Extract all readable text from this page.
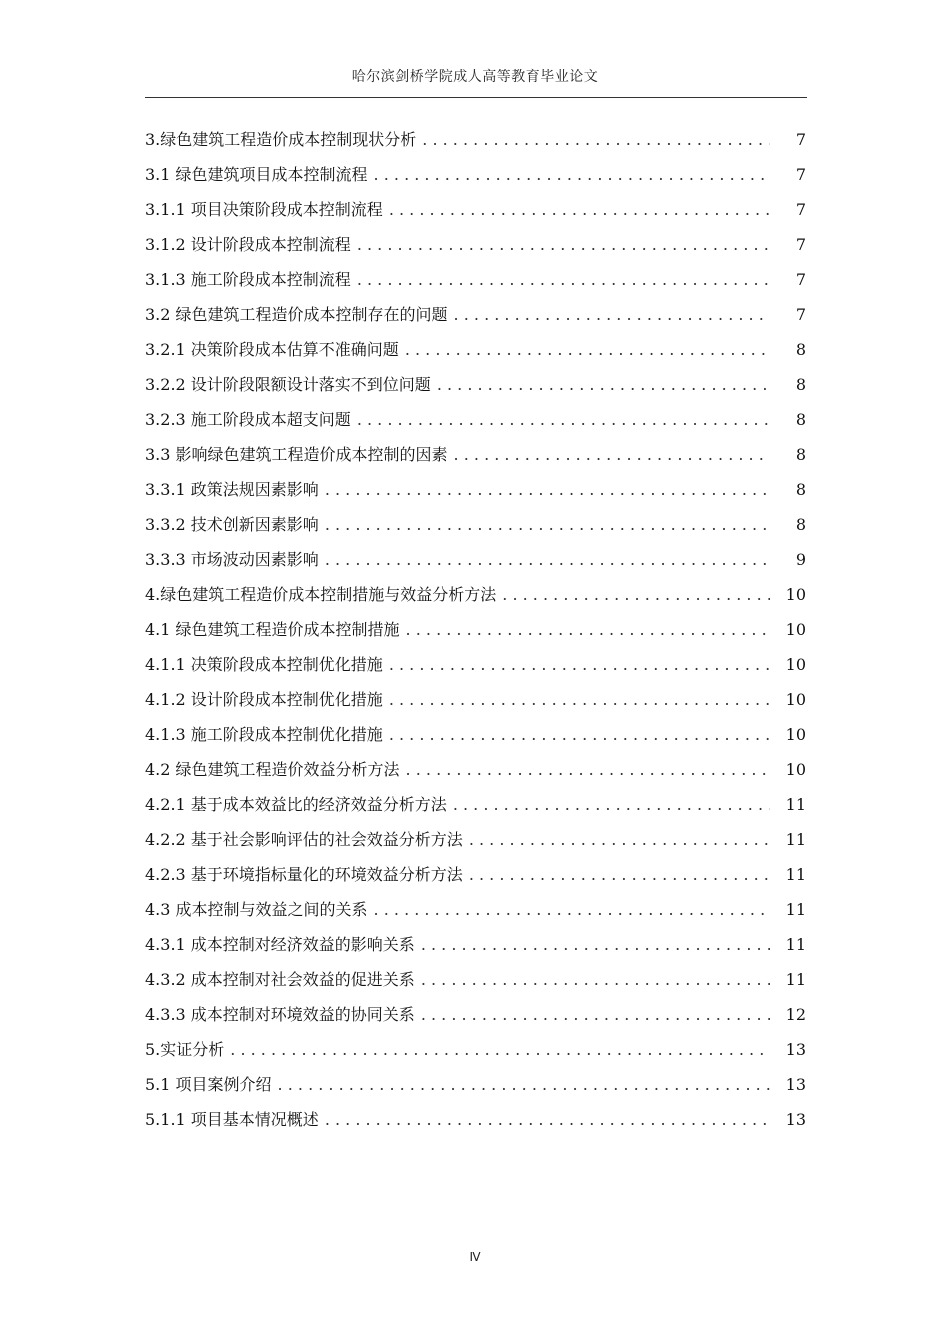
哈尔滨剑桥学院成人高等教育毕业论文
3.绿色建筑工程造价成本控制现状分析 . . .	7
3.1 绿色建筑项目成本控制流程 . . .	7
3.1.1 项目决策阶段成本控制流程 . . .	7
3.1.2 设计阶段成本控制流程 . . .	7
3.1.3 施工阶段成本控制流程 . . .	7
3.2 绿色建筑工程造价成本控制存在的问题 . . .	7
3.2.1 决策阶段成本估算不准确问题 . . .	8
3.2.2 设计阶段限额设计落实不到位问题 . . .	8
3.2.3 施工阶段成本超支问题 . . .	8
3.3 影响绿色建筑工程造价成本控制的因素 . . .	8
3.3.1 政策法规因素影响 . . .	8
3.3.2 技术创新因素影响 . . .	8
3.3.3 市场波动因素影响 . . .	9
4.绿色建筑工程造价成本控制措施与效益分析方法 . . .	10
4.1 绿色建筑工程造价成本控制措施 . . .	10
4.1.1 决策阶段成本控制优化措施 . . .	10
4.1.2 设计阶段成本控制优化措施 . . .	10
4.1.3 施工阶段成本控制优化措施 . . .	10
4.2 绿色建筑工程造价效益分析方法 . . .	10
4.2.1 基于成本效益比的经济效益分析方法 . . .	11
4.2.2 基于社会影响评估的社会效益分析方法 . . .	11
4.2.3 基于环境指标量化的环境效益分析方法 . . .	11
4.3 成本控制与效益之间的关系 . . .	11
4.3.1 成本控制对经济效益的影响关系 . . .	11
4.3.2 成本控制对社会效益的促进关系 . . .	11
4.3.3 成本控制对环境效益的协同关系 . . .	12
5.实证分析 . . .	13
5.1 项目案例介绍 . . .	13
5.1.1 项目基本情况概述 . . .	13
Ⅳ
